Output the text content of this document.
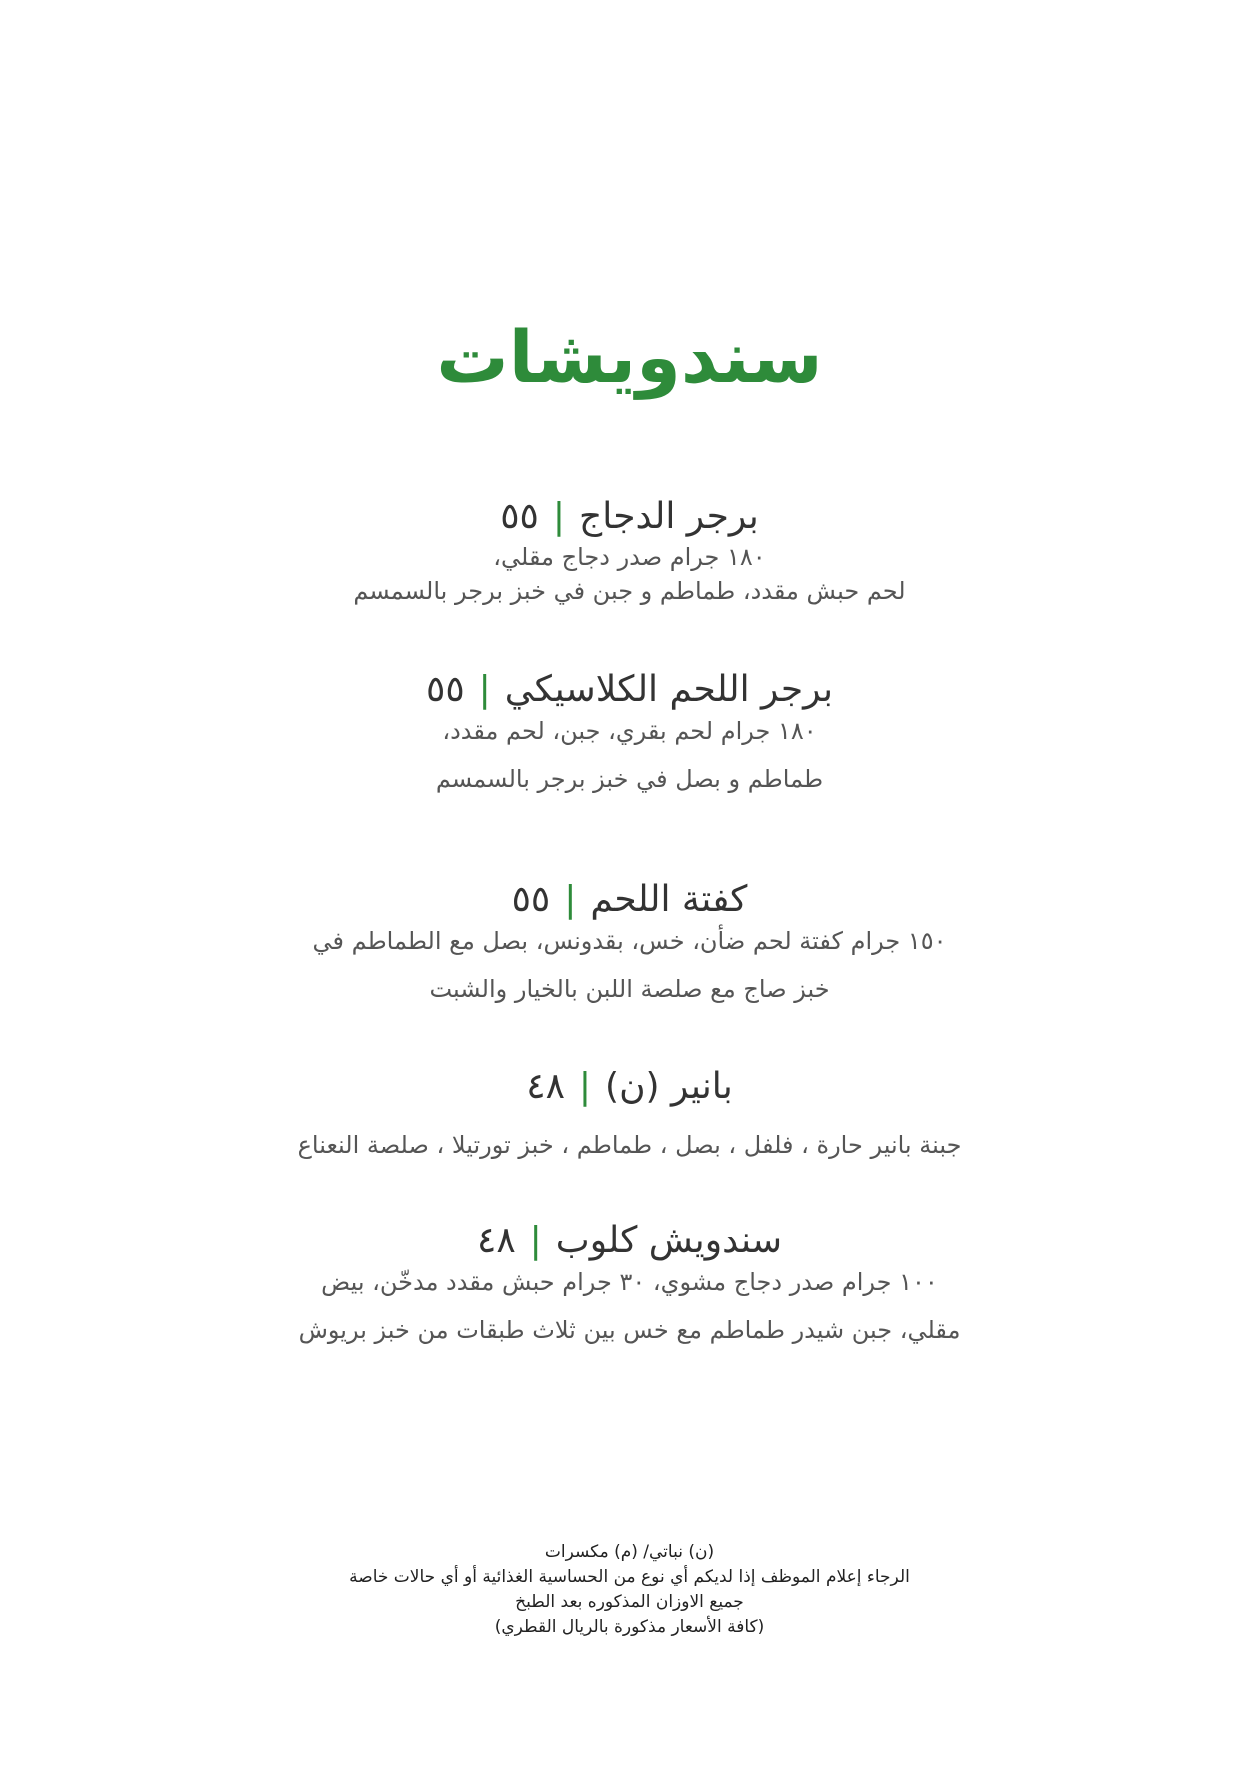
سندويشات
برجر الدجاج|٥٥
١٨٠ جرام صدر دجاج مقلي،
لحم حبش مقدد، طماطم و جبن في خبز برجر بالسمسم
برجر اللحم الكلاسيكي|٥٥
١٨٠ جرام لحم بقري، جبن، لحم مقدد،
طماطم و بصل في خبز برجر بالسمسم
كفتة اللحم|٥٥
١٥٠ جرام كفتة لحم ضأن، خس، بقدونس، بصل مع الطماطم في
خبز صاج مع صلصة اللبن بالخيار والشبت
بانير (ن)|٤٨
جبنة بانير حارة ، فلفل ، بصل ، طماطم ، خبز تورتيلا ، صلصة النعناع
سندويش كلوب|٤٨
١٠٠ جرام صدر دجاج مشوي، ٣٠ جرام حبش مقدد مدخّن، بيض
مقلي، جبن شيدر طماطم مع خس بين ثلاث طبقات من خبز بريوش
(ن) نباتي/ (م) مكسرات
الرجاء إعلام الموظف إذا لديكم أي نوع من الحساسية الغذائية أو أي حالات خاصة
جميع الاوزان المذكوره بعد الطبخ
(كافة الأسعار مذكورة بالريال القطري)
